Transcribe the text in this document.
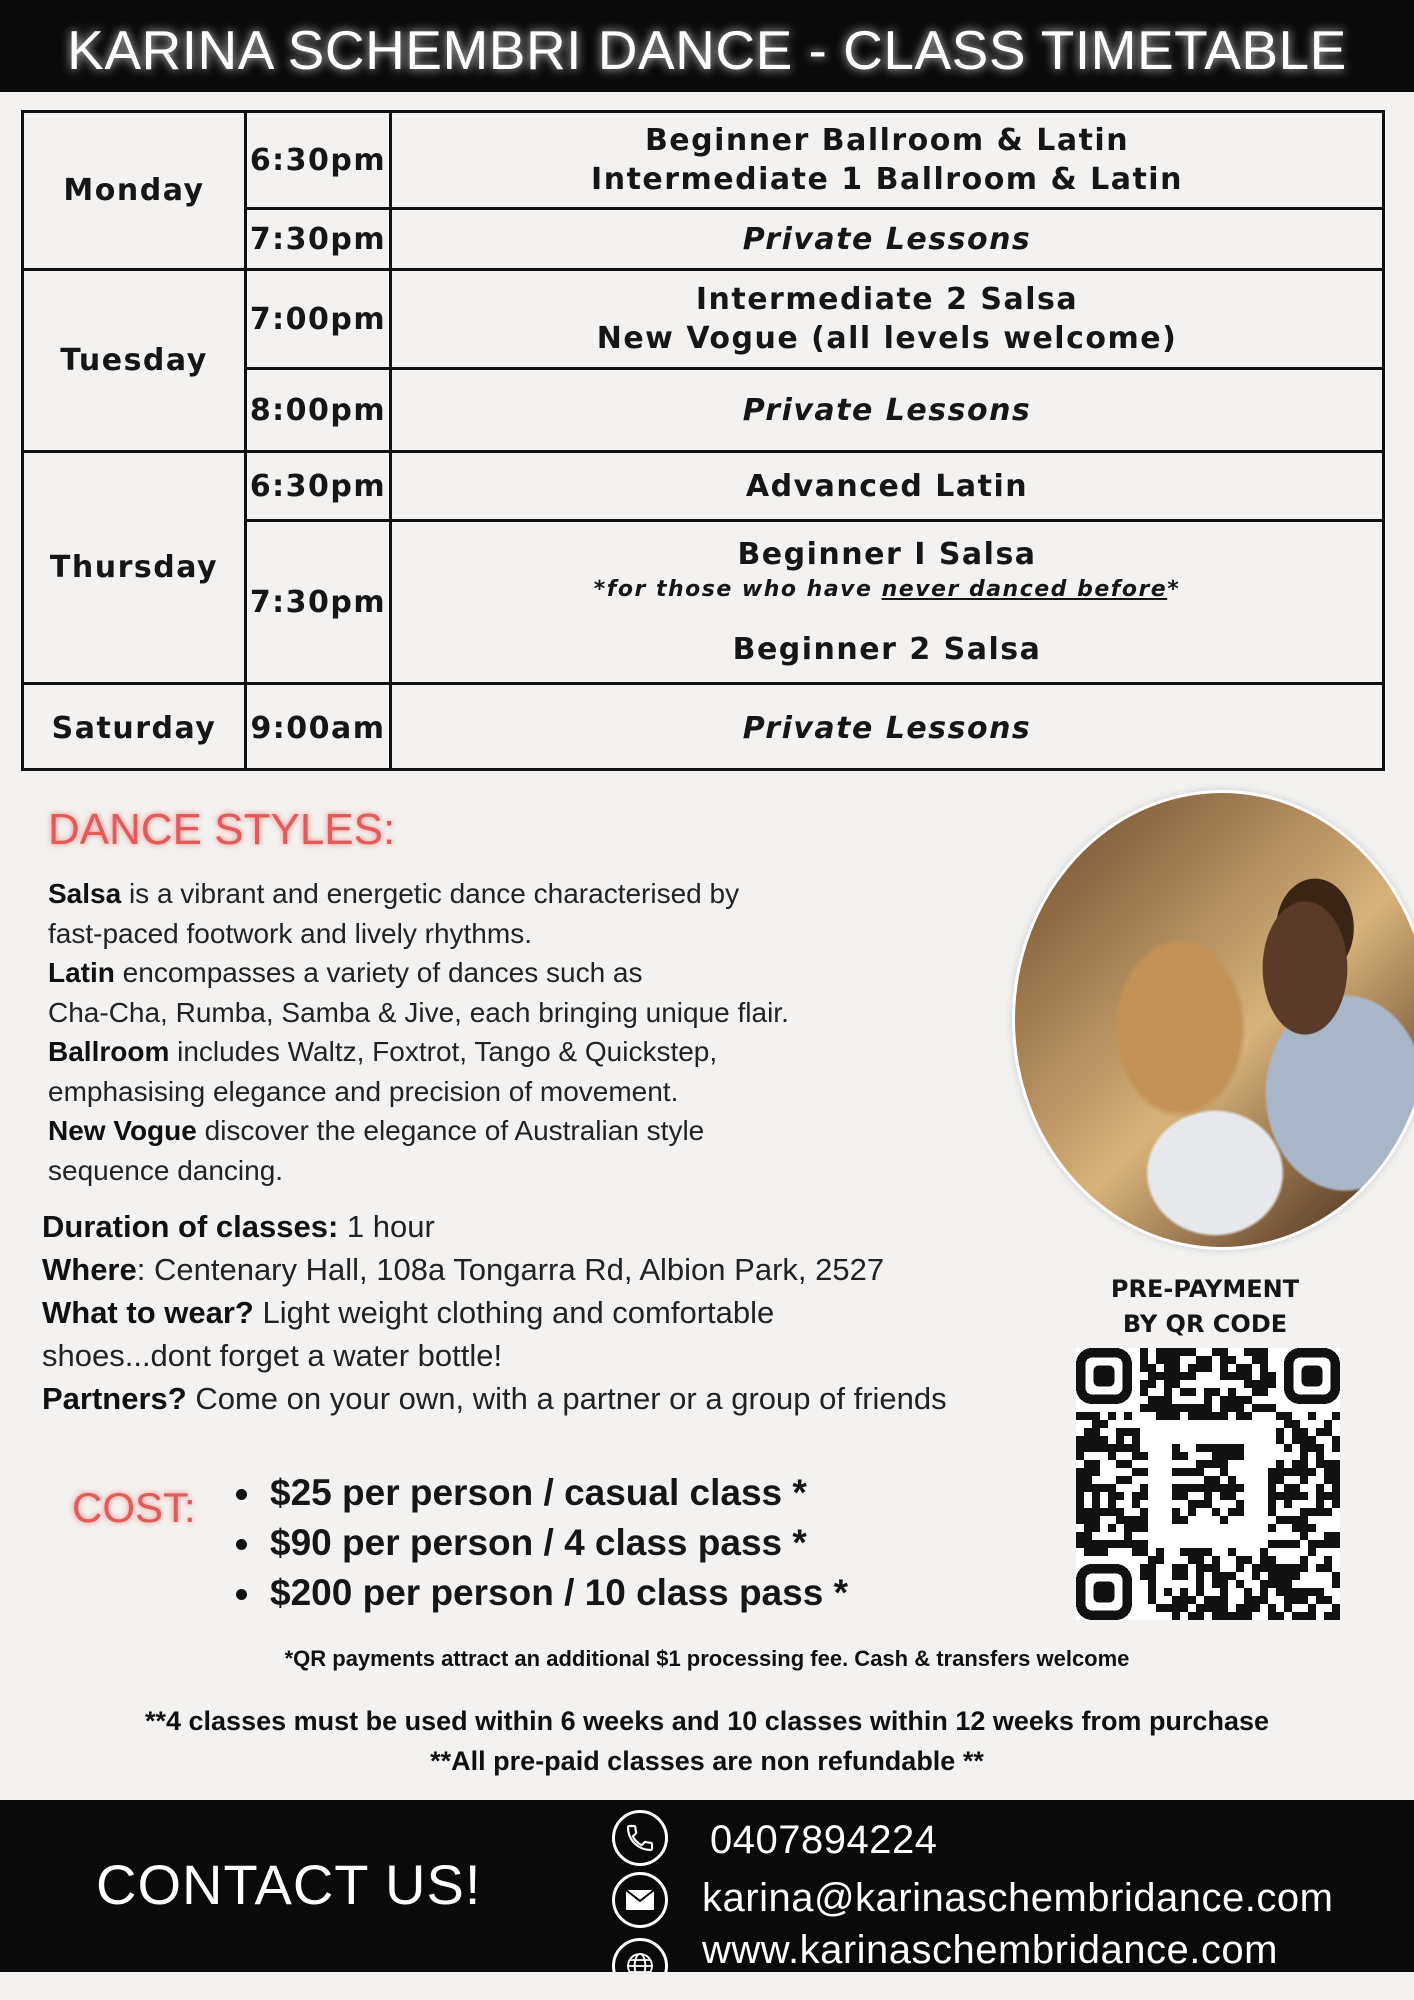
KARINA SCHEMBRI DANCE - CLASS TIMETABLE
Monday
Tuesday
Thursday
Saturday
6:30pm
7:30pm
7:00pm
8:00pm
6:30pm
7:30pm
9:00am
Beginner Ballroom & Latin
Intermediate 1 Ballroom & Latin
Private Lessons
Intermediate 2 Salsa
New Vogue (all levels welcome)
Private Lessons
Advanced Latin
Beginner I Salsa
*for those who have never danced before*
Beginner 2 Salsa
Private Lessons
DANCE STYLES:
Salsa is a vibrant and energetic dance characterised by
fast-paced footwork and lively rhythms.
Latin encompasses a variety of dances such as
Cha-Cha, Rumba, Samba & Jive, each bringing unique flair.
Ballroom includes Waltz, Foxtrot, Tango & Quickstep,
emphasising elegance and precision of movement.
New Vogue discover the elegance of Australian style
sequence dancing.
Duration of classes: 1 hour
Where: Centenary Hall, 108a Tongarra Rd, Albion Park, 2527
What to wear? Light weight clothing and comfortable
shoes...dont forget a water bottle!
Partners? Come on your own, with a partner or a group of friends
PRE-PAYMENT
BY QR CODE
COST:	$25 per person / casual class *
$90 per person / 4 class pass *
$200 per person / 10 class pass *
*QR payments attract an additional $1 processing fee. Cash & transfers welcome
**4 classes must be used within 6 weeks and 10 classes within 12 weeks from purchase
**All pre-paid classes are non refundable **
CONTACT US!
0407894224
karina@karinaschembridance.com
www.karinaschembridance.com
